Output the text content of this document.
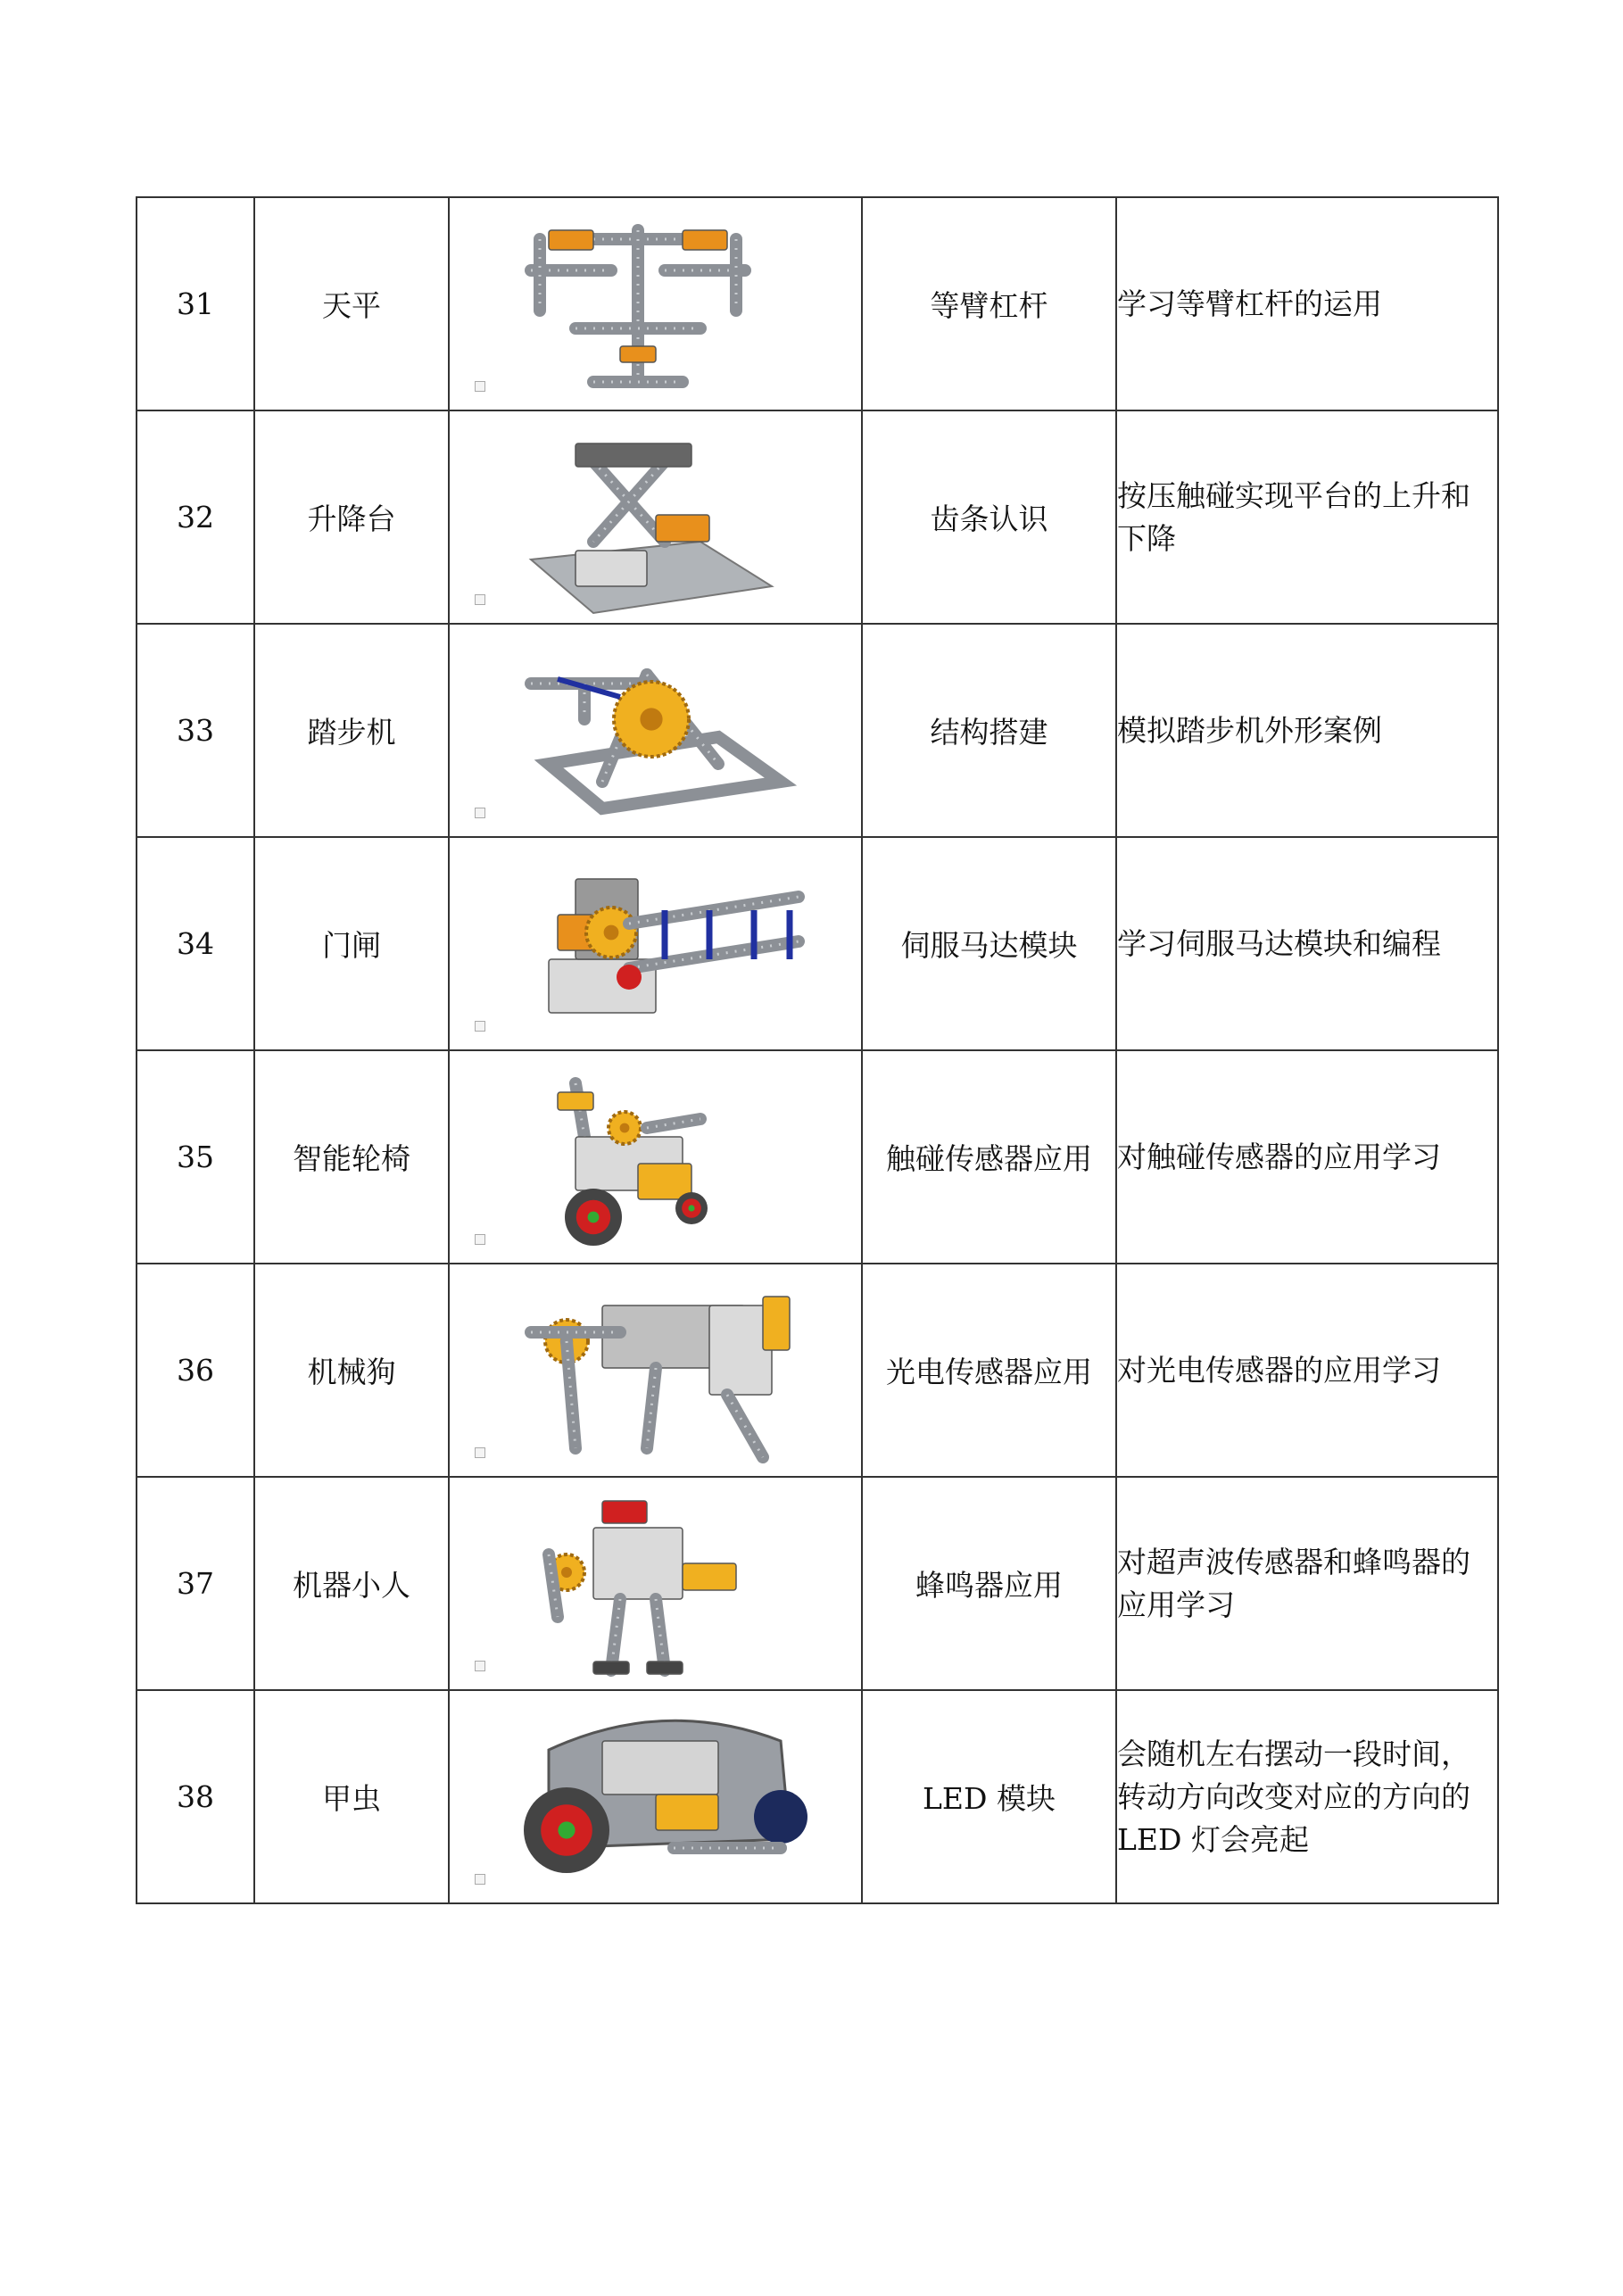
31	天平		等臂杠杆	学习等臂杠杆的运用
32	升降台		齿条认识	按压触碰实现平台的上升和下降
33	踏步机		结构搭建	模拟踏步机外形案例
34	门闸		伺服马达模块	学习伺服马达模块和编程
35	智能轮椅		触碰传感器应用	对触碰传感器的应用学习
36	机械狗		光电传感器应用	对光电传感器的应用学习
37	机器小人		蜂鸣器应用	对超声波传感器和蜂鸣器的应用学习
38	甲虫		LED 模块	会随机左右摆动一段时间，转动方向改变对应的方向的 LED 灯会亮起
